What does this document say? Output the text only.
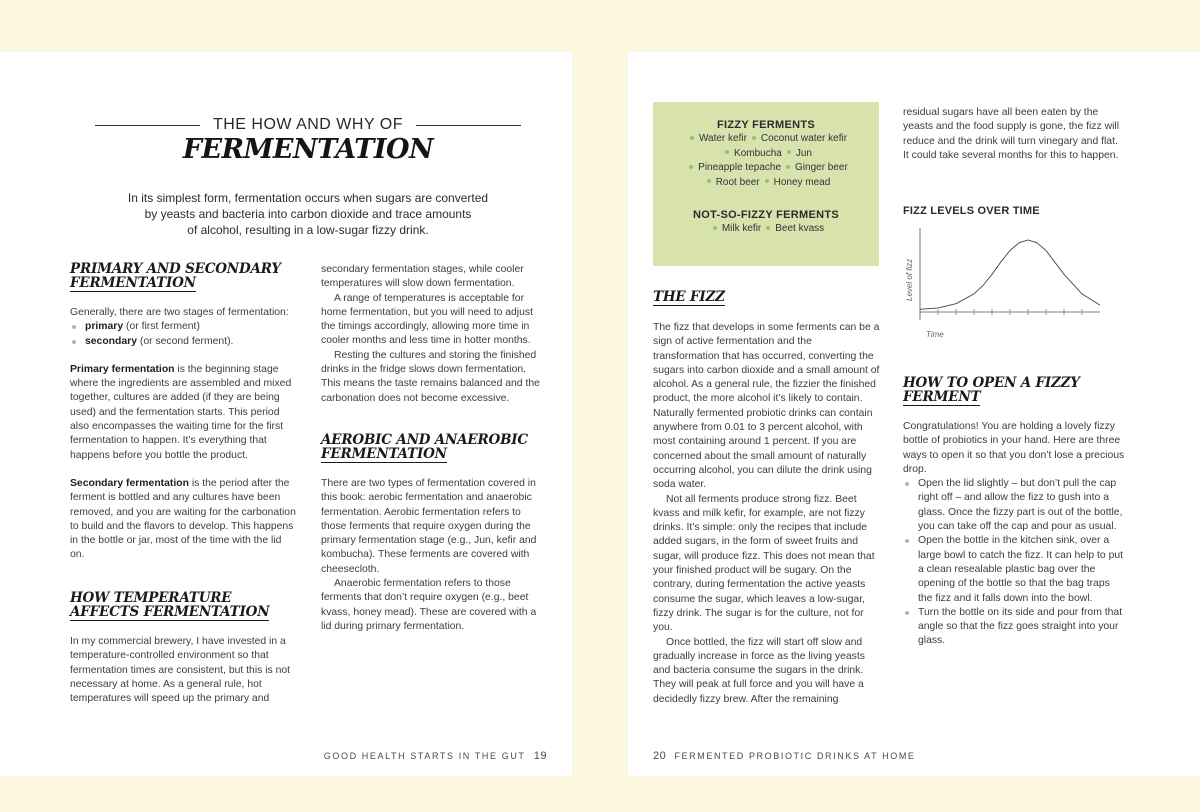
THE HOW AND WHY OF
FERMENTATION
In its simplest form, fermentation occurs when sugars are converted
by yeasts and bacteria into carbon dioxide and trace amounts
of alcohol, resulting in a low-sugar fizzy drink.
PRIMARY AND SECONDARY
FERMENTATION

Generally, there are two stages of fermentation:

primary (or first ferment)
secondary (or second ferment).

Primary fermentation is the beginning stage where the ingredients are assembled and mixed together, cultures are added (if they are being used) and the fermentation starts. This period also encompasses the waiting time for the first fermentation to happen. It’s everything that happens before you bottle the product.

Secondary fermentation is the period after the ferment is bottled and any cultures have been removed, and you are waiting for the carbonation to build and the flavors to develop. This happens in the bottle or jar, most of the time with the lid on.

HOW TEMPERATURE
AFFECTS FERMENTATION

In my commercial brewery, I have invested in a temperature-controlled environment so that fermentation times are consistent, but this is not necessary at home. As a general rule, hot temperatures will speed up the primary and

secondary fermentation stages, while cooler temperatures will slow down fermentation.

A range of temperatures is acceptable for home fermentation, but you will need to adjust the timings accordingly, allowing more time in cooler months and less time in hotter months.

Resting the cultures and storing the finished drinks in the fridge slows down fermentation. This means the taste remains balanced and the carbonation does not become excessive.

AEROBIC AND ANAEROBIC
FERMENTATION

There are two types of fermentation covered in this book: aerobic fermentation and anaerobic fermentation. Aerobic fermentation refers to those ferments that require oxygen during the primary fermentation stage (e.g., Jun, kefir and kombucha). These ferments are covered with cheesecloth.

Anaerobic fermentation refers to those ferments that don’t require oxygen (e.g., beet kvass, honey mead). These are covered with a lid during primary fermentation.

GOOD HEALTH STARTS IN THE GUT 19
FIZZY FERMENTS
Water kefir Coconut water kefir
Kombucha Jun
Pineapple tepache Ginger beer
Root beer Honey mead
NOT-SO-FIZZY FERMENTS
Milk kefir Beet kvass
THE FIZZ

The fizz that develops in some ferments can be a sign of active fermentation and the transformation that has occurred, converting the sugars into carbon dioxide and a small amount of alcohol. As a general rule, the fizzier the finished product, the more alcohol it’s likely to contain. Naturally fermented probiotic drinks can contain anywhere from 0.01 to 3 percent alcohol, with most containing around 1 percent. If you are concerned about the small amount of naturally occurring alcohol, you can dilute the drink using soda water.

Not all ferments produce strong fizz. Beet kvass and milk kefir, for example, are not fizzy drinks. It’s simple: only the recipes that include added sugars, in the form of sweet fruits and sugar, will produce fizz. This does not mean that your finished product will be sugary. On the contrary, during fermentation the active yeasts consume the sugar, which leaves a low-sugar, fizzy drink. The sugar is for the culture, not for you.

Once bottled, the fizz will start off slow and gradually increase in force as the living yeasts and bacteria consume the sugars in the drink. They will peak at full force and you will have a decidedly fizzy brew. After the remaining

residual sugars have all been eaten by the yeasts and the food supply is gone, the fizz will reduce and the drink will turn vinegary and flat. It could take several months for this to happen.

FIZZ LEVELS OVER TIME
Level of fizz
Time
HOW TO OPEN A FIZZY
FERMENT

Congratulations! You are holding a lovely fizzy bottle of probiotics in your hand. Here are three ways to open it so that you don’t lose a precious drop.

Open the lid slightly – but don’t pull the cap right off – and allow the fizz to gush into a glass. Once the fizzy part is out of the bottle, you can take off the cap and pour as usual.
Open the bottle in the kitchen sink, over a large bowl to catch the fizz. It can help to put a clean resealable plastic bag over the opening of the bottle so that the bag traps the fizz and it falls down into the bowl.
Turn the bottle on its side and pour from that angle so that the fizz goes straight into your glass.
20 FERMENTED PROBIOTIC DRINKS AT HOME
